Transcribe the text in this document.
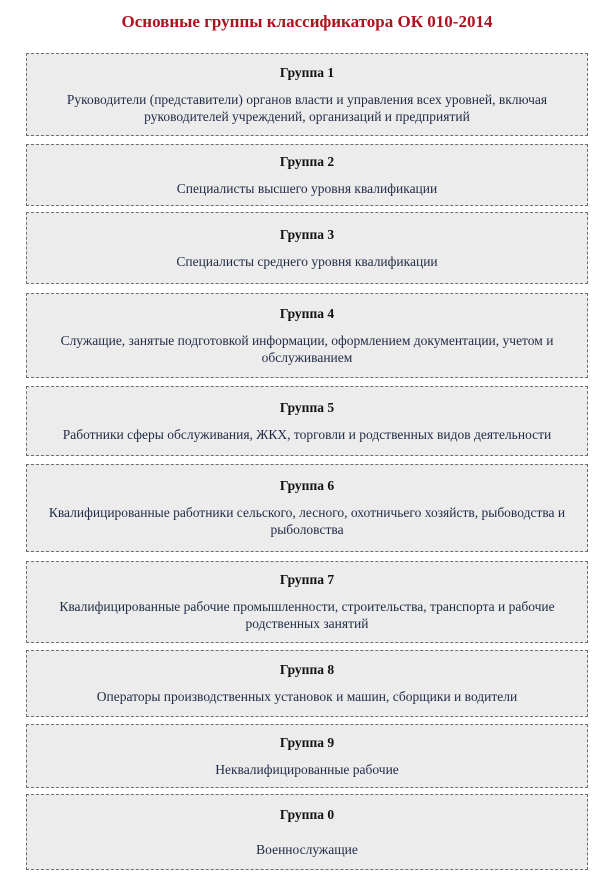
Основные группы классификатора ОК 010-2014
Группа 1
Руководители (представители) органов власти и управления всех уровней, включая руководителей учреждений, организаций и предприятий
Группа 2
Специалисты высшего уровня квалификации
Группа 3
Специалисты среднего уровня квалификации
Группа 4
Служащие, занятые подготовкой информации, оформлением документации, учетом и обслуживанием
Группа 5
Работники сферы обслуживания, ЖКХ, торговли и родственных видов деятельности
Группа 6
Квалифицированные работники сельского, лесного, охотничьего хозяйств, рыбоводства и рыболовства
Группа 7
Квалифицированные рабочие промышленности, строительства, транспорта и рабочие родственных занятий
Группа 8
Операторы производственных установок и машин, сборщики и водители
Группа 9
Неквалифицированные рабочие
Группа 0
Военнослужащие
